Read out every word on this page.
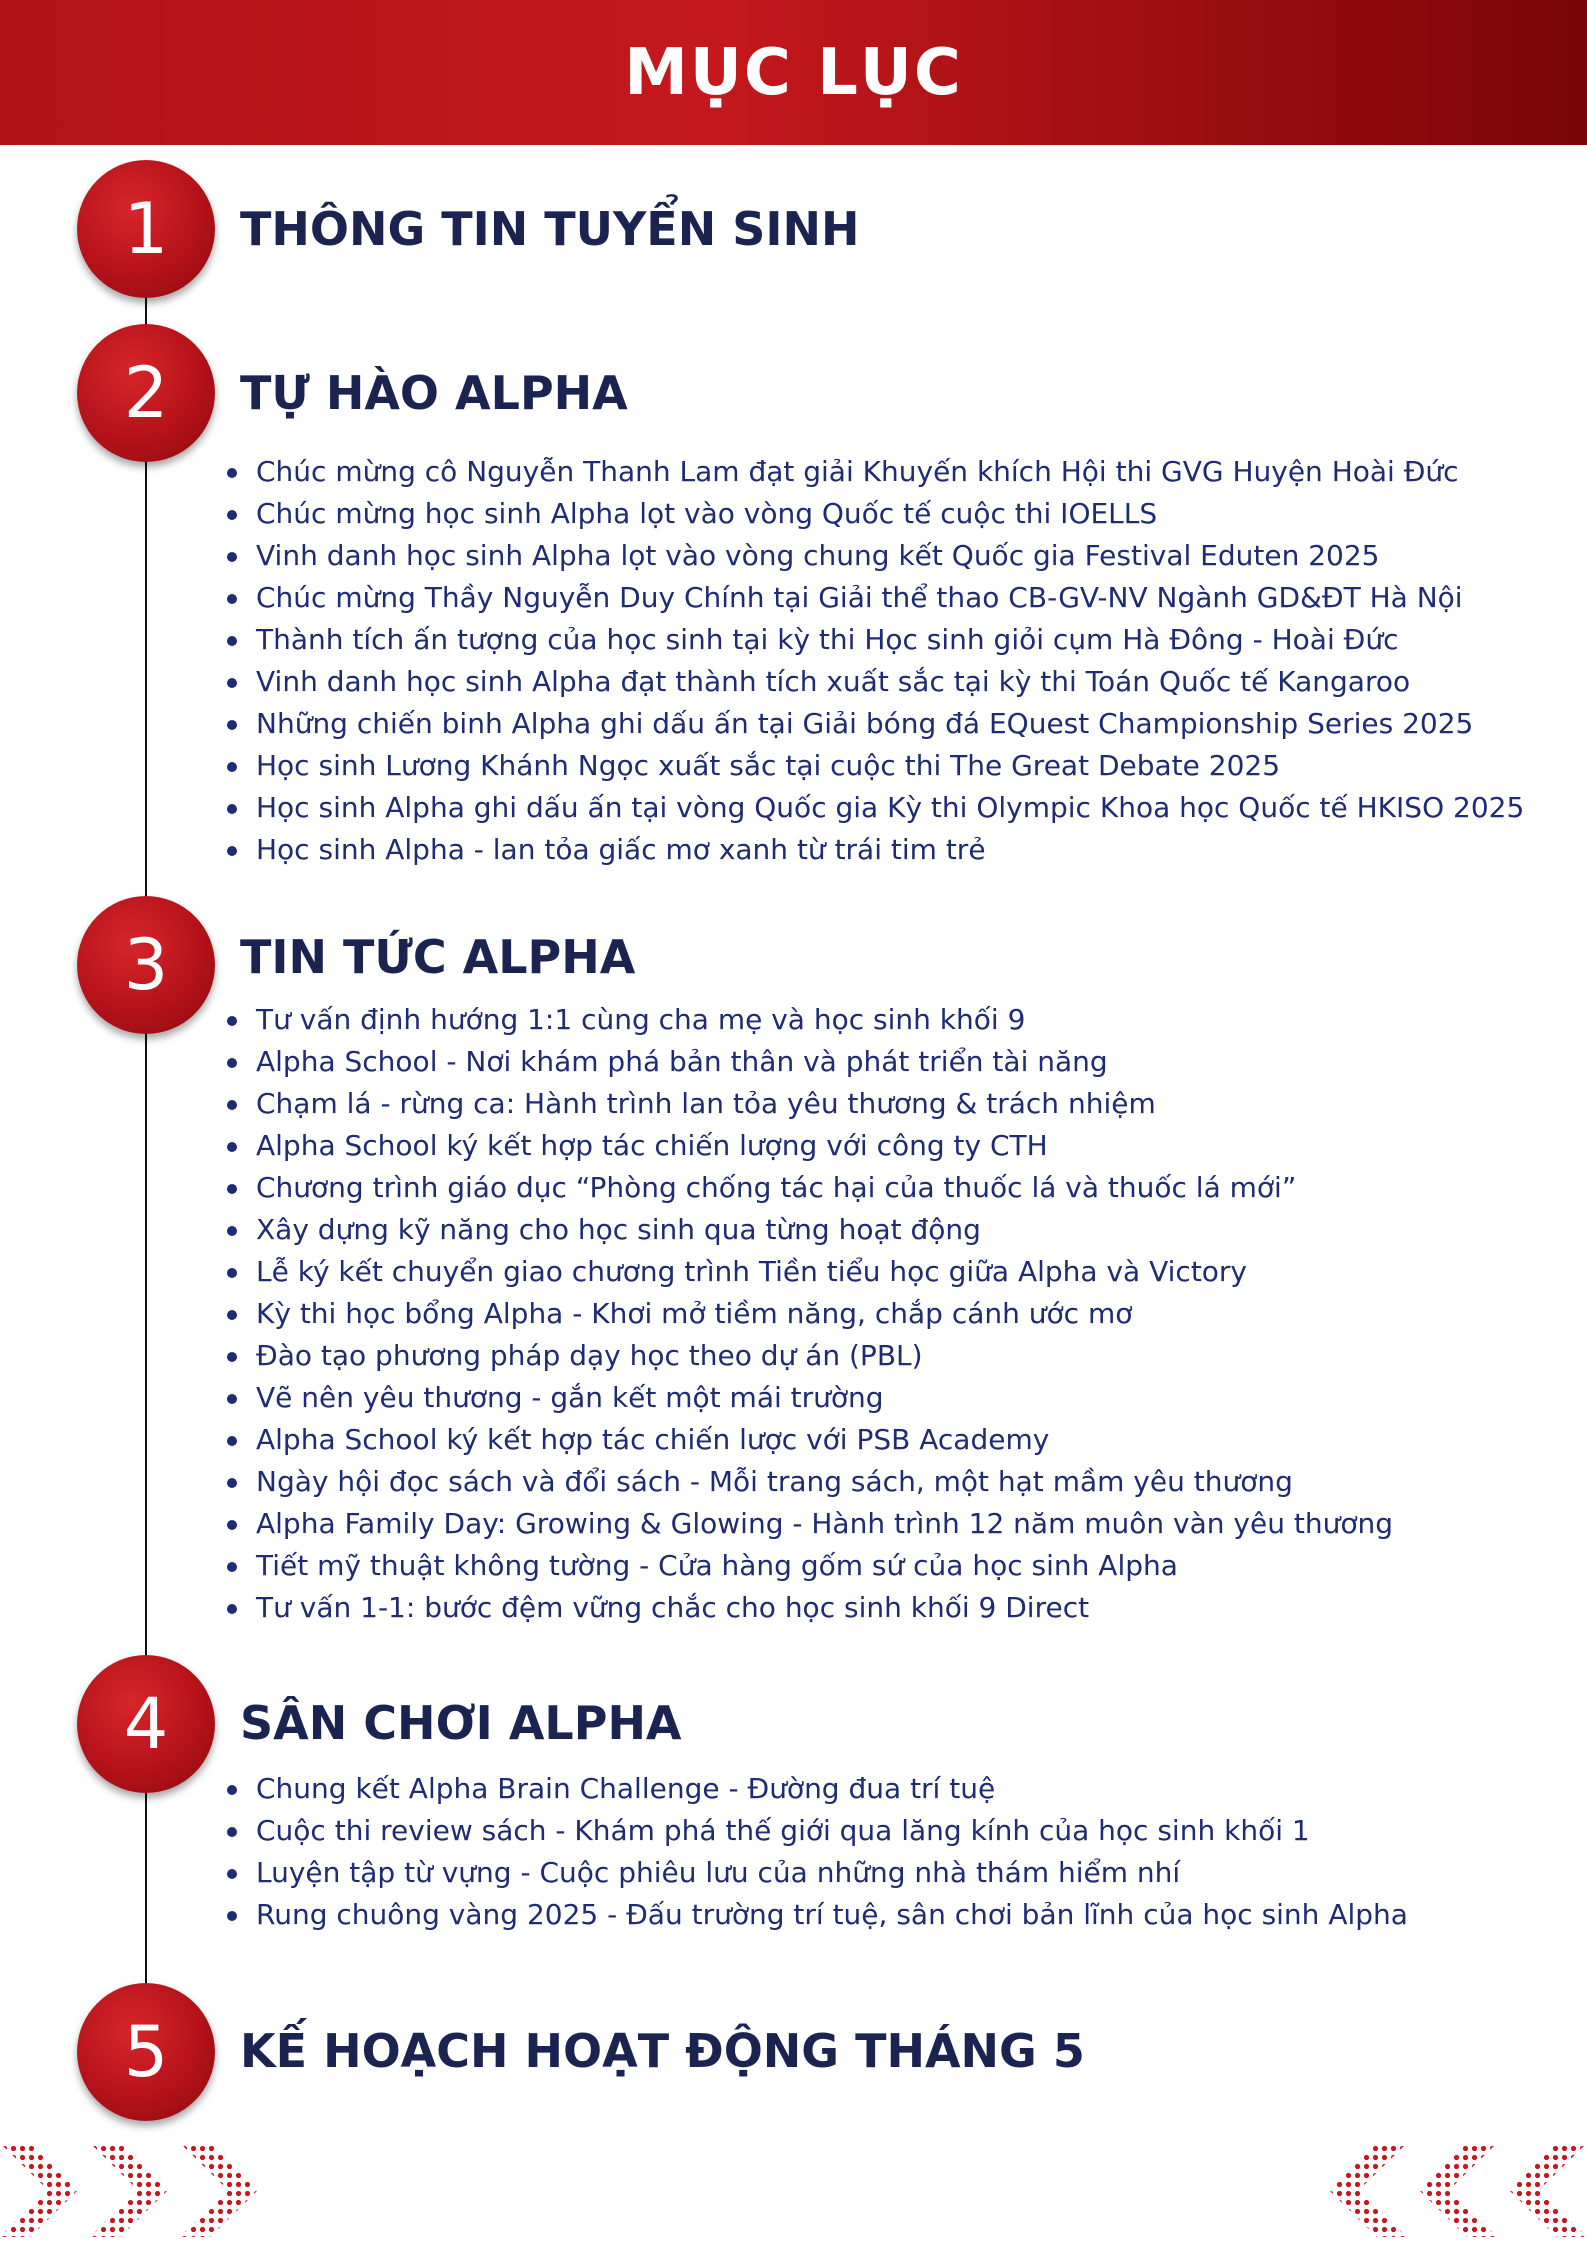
MỤC LỤC
1	THÔNG TIN TUYỂN SINH
2	TỰ HÀO ALPHA
Chúc mừng cô Nguyễn Thanh Lam đạt giải Khuyến khích Hội thi GVG Huyện Hoài Đức
Chúc mừng học sinh Alpha lọt vào vòng Quốc tế cuộc thi IOELLS
Vinh danh học sinh Alpha lọt vào vòng chung kết Quốc gia Festival Eduten 2025
Chúc mừng Thầy Nguyễn Duy Chính tại Giải thể thao CB-GV-NV Ngành GD&ĐT Hà Nội
Thành tích ấn tượng của học sinh tại kỳ thi Học sinh giỏi cụm Hà Đông - Hoài Đức
Vinh danh học sinh Alpha đạt thành tích xuất sắc tại kỳ thi Toán Quốc tế Kangaroo
Những chiến binh Alpha ghi dấu ấn tại Giải bóng đá EQuest Championship Series 2025
Học sinh Lương Khánh Ngọc xuất sắc tại cuộc thi The Great Debate 2025
Học sinh Alpha ghi dấu ấn tại vòng Quốc gia Kỳ thi Olympic Khoa học Quốc tế HKISO 2025
Học sinh Alpha - lan tỏa giấc mơ xanh từ trái tim trẻ
3	TIN TỨC ALPHA
Tư vấn định hướng 1:1 cùng cha mẹ và học sinh khối 9
Alpha School - Nơi khám phá bản thân và phát triển tài năng
Chạm lá - rừng ca: Hành trình lan tỏa yêu thương & trách nhiệm
Alpha School ký kết hợp tác chiến lượng với công ty CTH
Chương trình giáo dục “Phòng chống tác hại của thuốc lá và thuốc lá mới”
Xây dựng kỹ năng cho học sinh qua từng hoạt động
Lễ ký kết chuyển giao chương trình Tiền tiểu học giữa Alpha và Victory
Kỳ thi học bổng Alpha - Khơi mở tiềm năng, chắp cánh ước mơ
Đào tạo phương pháp dạy học theo dự án (PBL)
Vẽ nên yêu thương - gắn kết một mái trường
Alpha School ký kết hợp tác chiến lược với PSB Academy
Ngày hội đọc sách và đổi sách - Mỗi trang sách, một hạt mầm yêu thương
Alpha Family Day: Growing & Glowing - Hành trình 12 năm muôn vàn yêu thương
Tiết mỹ thuật không tường - Cửa hàng gốm sứ của học sinh Alpha
Tư vấn 1-1: bước đệm vững chắc cho học sinh khối 9 Direct
4	SÂN CHƠI ALPHA
Chung kết Alpha Brain Challenge - Đường đua trí tuệ
Cuộc thi review sách - Khám phá thế giới qua lăng kính của học sinh khối 1
Luyện tập từ vựng - Cuộc phiêu lưu của những nhà thám hiểm nhí
Rung chuông vàng 2025 - Đấu trường trí tuệ, sân chơi bản lĩnh của học sinh Alpha
5	KẾ HOẠCH HOẠT ĐỘNG THÁNG 5
